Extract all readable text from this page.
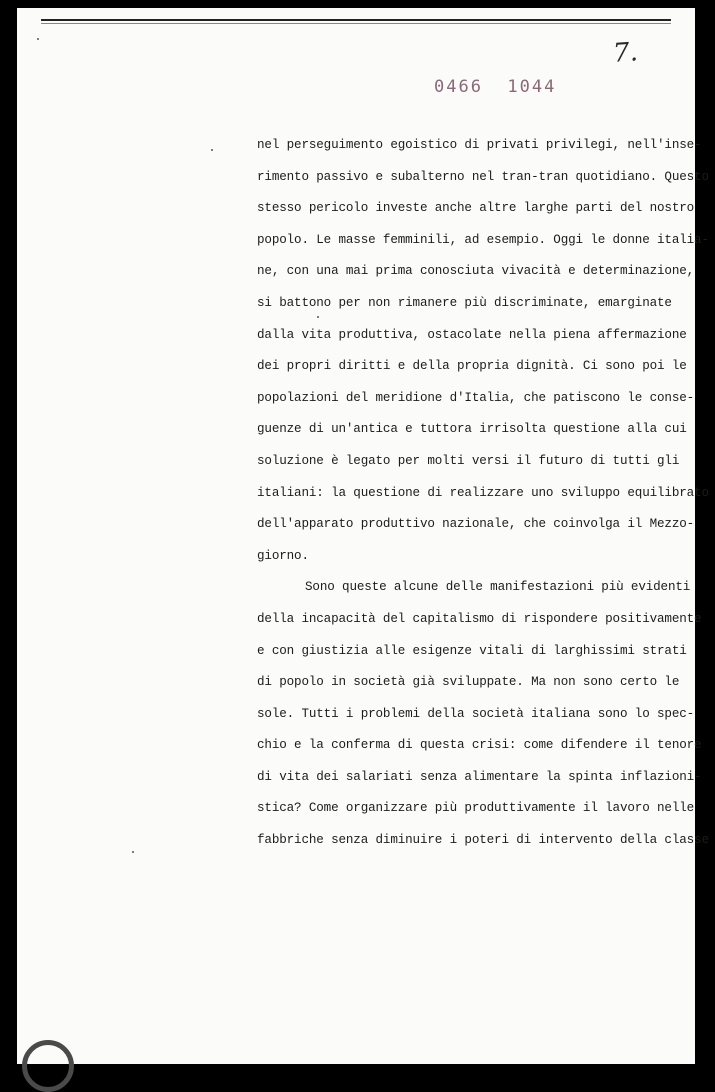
7.
0466  1044
nel perseguimento egoistico di privati privilegi, nell'inse-
rimento passivo e subalterno nel tran-tran quotidiano. Questo
stesso pericolo investe anche altre larghe parti del nostro
popolo. Le masse femminili, ad esempio. Oggi le donne italia-
ne, con una mai prima conosciuta vivacità e determinazione,
si battono per non rimanere più discriminate, emarginate
dalla vita produttiva, ostacolate nella piena affermazione
dei propri diritti e della propria dignità. Ci sono poi le
popolazioni del meridione d'Italia, che patiscono le conse-
guenze di un'antica e tuttora irrisolta questione alla cui
soluzione è legato per molti versi il futuro di tutti gli
italiani: la questione di realizzare uno sviluppo equilibrato
dell'apparato produttivo nazionale, che coinvolga il Mezzo-
giorno.
Sono queste alcune delle manifestazioni più evidenti
della incapacità del capitalismo di rispondere positivamente
e con giustizia alle esigenze vitali di larghissimi strati
di popolo in società già sviluppate. Ma non sono certo le
sole. Tutti i problemi della società italiana sono lo spec-
chio e la conferma di questa crisi: come difendere il tenore
di vita dei salariati senza alimentare la spinta inflazioni-
stica? Come organizzare più produttivamente il lavoro nelle
fabbriche senza diminuire i poteri di intervento della classe
